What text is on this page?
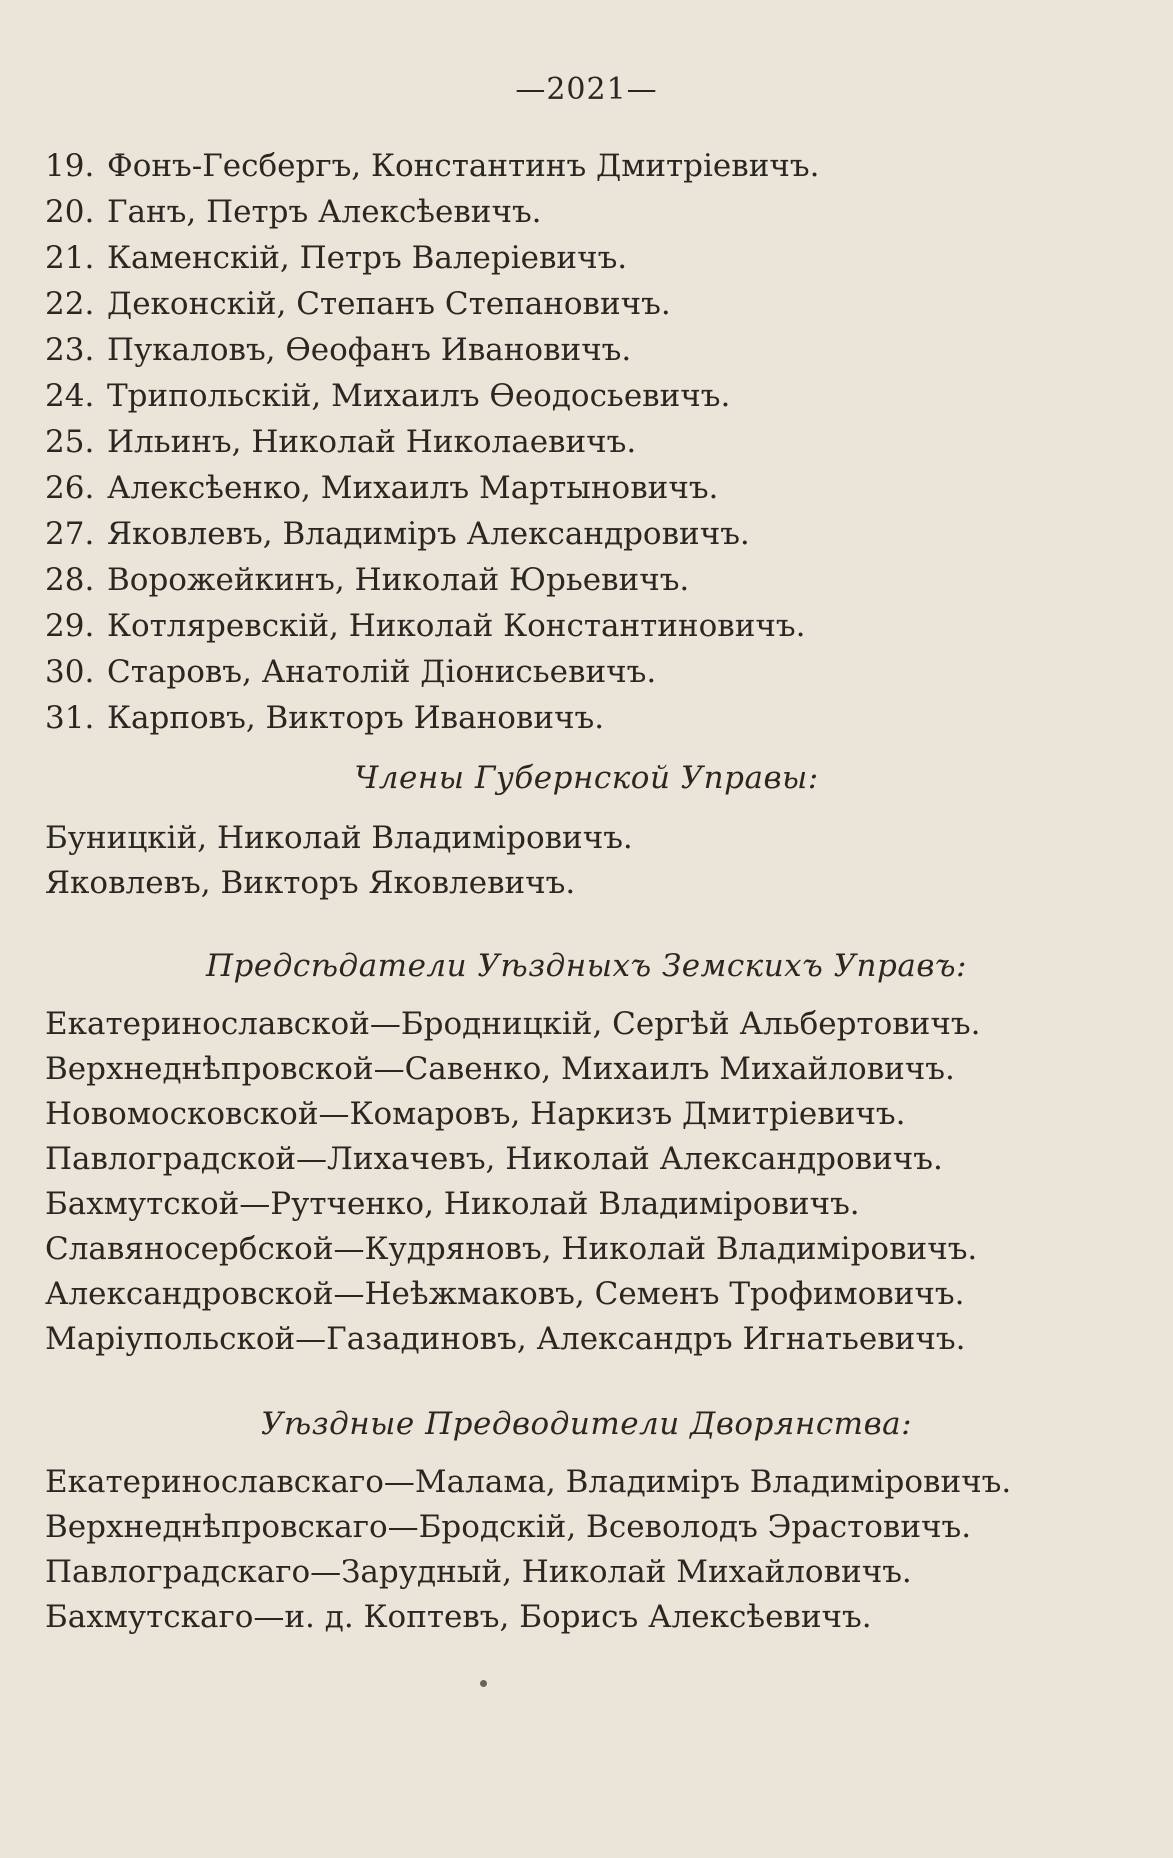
—2021—
19. Фонъ-Гесбергъ, Константинъ Дмитріевичъ.
20. Ганъ, Петръ Алексѣевичъ.
21. Каменскій, Петръ Валеріевичъ.
22. Деконскій, Степанъ Степановичъ.
23. Пукаловъ, Өеофанъ Ивановичъ.
24. Трипольскій, Михаилъ Өеодосьевичъ.
25. Ильинъ, Николай Николаевичъ.
26. Алексѣенко, Михаилъ Мартыновичъ.
27. Яковлевъ, Владиміръ Александровичъ.
28. Ворожейкинъ, Николай Юрьевичъ.
29. Котляревскій, Николай Константиновичъ.
30. Старовъ, Анатолій Діонисьевичъ.
31. Карповъ, Викторъ Ивановичъ.
Члены Губернской Управы:
Буницкій, Николай Владиміровичъ.
Яковлевъ, Викторъ Яковлевичъ.
Предсѣдатели Уѣздныхъ Земскихъ Управъ:
Екатеринославской—Бродницкій, Сергѣй Альбертовичъ.
Верхнеднѣпровской—Савенко, Михаилъ Михайловичъ.
Новомосковской—Комаровъ, Наркизъ Дмитріевичъ.
Павлоградской—Лихачевъ, Николай Александровичъ.
Бахмутской—Рутченко, Николай Владиміровичъ.
Славяносербской—Кудряновъ, Николай Владиміровичъ.
Александровской—Неѣжмаковъ, Семенъ Трофимовичъ.
Маріупольской—Газадиновъ, Александръ Игнатьевичъ.
Уѣздные Предводители Дворянства:
Екатеринославскаго—Малама, Владиміръ Владиміровичъ.
Верхнеднѣпровскаго—Бродскій, Всеволодъ Эрастовичъ.
Павлоградскаго—Зарудный, Николай Михайловичъ.
Бахмутскаго—и. д. Коптевъ, Борисъ Алексѣевичъ.
